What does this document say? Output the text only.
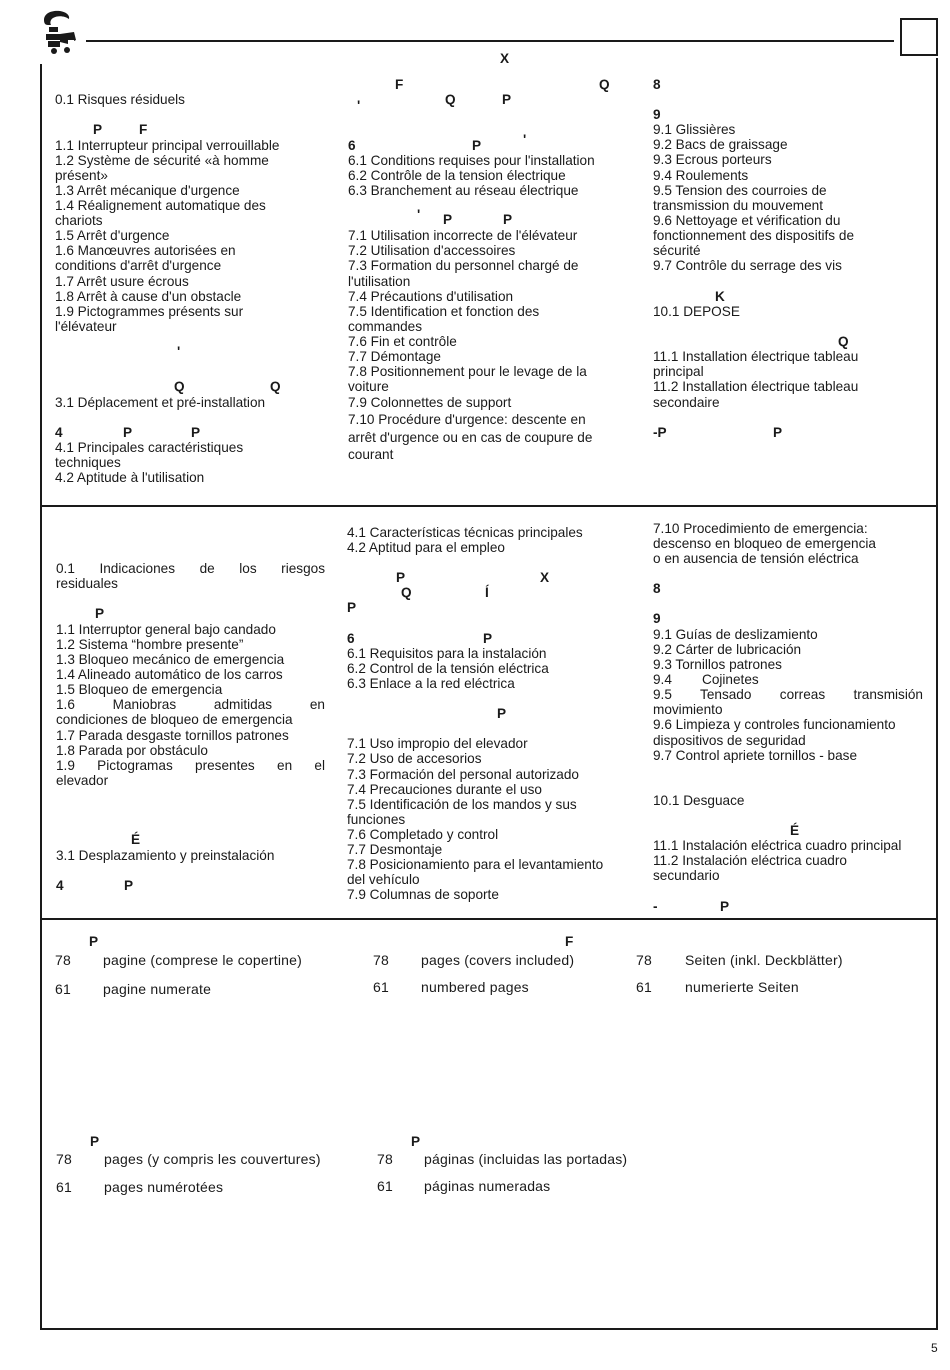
X
0.1 Risques résiduels
P	F
1.1 Interrupteur principal verrouillable
1.2 Système de sécurité «à homme
présent»
1.3 Arrêt mécanique d'urgence
1.4 Réalignement automatique des
chariots
1.5 Arrêt d'urgence
1.6 Manœuvres autorisées en
conditions d'arrêt d'urgence
1.7 Arrêt usure écrous
1.8 Arrêt à cause d'un obstacle
1.9 Pictogrammes présents sur
l'élévateur
'
Q	Q
3.1 Déplacement et pré-installation
4	P	P
4.1 Principales caractéristiques
techniques
4.2 Aptitude à l'utilisation
F	Q
'	Q	P
6	P	'
6.1 Conditions requises pour l'installation
6.2 Contrôle de la tension électrique
6.3 Branchement au réseau électrique
' P	P
7.1 Utilisation incorrecte de l'élévateur
7.2 Utilisation d'accessoires
7.3 Formation du personnel chargé de
l'utilisation
7.4 Précautions d'utilisation
7.5 Identification et fonction des
commandes
7.6 Fin et contrôle
7.7 Démontage
7.8 Positionnement pour le levage de la
voiture
7.9 Colonnettes de support
7.10 Procédure d'urgence: descente en
arrêt d'urgence ou en cas de coupure de
courant
8
9
9.1 Glissières
9.2 Bacs de graissage
9.3 Ecrous porteurs
9.4 Roulements
9.5 Tension des courroies de
transmission du mouvement
9.6 Nettoyage et vérification du
fonctionnement des dispositifs de
sécurité
9.7 Contrôle du serrage des vis
K
10.1 DEPOSE
Q
11.1 Installation électrique tableau
principal
11.2 Installation électrique tableau
secondaire
-P	P
0.1 Indicaciones de los riesgos
residuales
P
1.1 Interruptor general bajo candado
1.2 Sistema “hombre presente”
1.3 Bloqueo mecánico de emergencia
1.4 Alineado automático de los carros
1.5 Bloqueo de emergencia
1.6 Maniobras admitidas en
condiciones de bloqueo de emergencia
1.7 Parada desgaste tornillos patrones
1.8 Parada por obstáculo
1.9 Pictogramas presentes en el
elevador
É
3.1 Desplazamiento y preinstalación
4	P
4.1 Características técnicas principales
4.2 Aptitud para el empleo
P	X
Q	Í
P
6	P
6.1 Requisitos para la instalación
6.2 Control de la tensión eléctrica
6.3 Enlace a la red eléctrica
P
7.1 Uso impropio del elevador
7.2 Uso de accesorios
7.3 Formación del personal autorizado
7.4 Precauciones durante el uso
7.5 Identificación de los mandos y sus
funciones
7.6 Completado y control
7.7 Desmontaje
7.8 Posicionamiento para el levantamiento
del vehículo
7.9 Columnas de soporte
7.10 Procedimiento de emergencia:
descenso en bloqueo de emergencia
o en ausencia de tensión eléctrica
8
9
9.1 Guías de deslizamiento
9.2 Cárter de lubricación
9.3 Tornillos patrones
9.4 Cojinetes
9.5 Tensado correas transmisión
movimiento
9.6 Limpieza y controles funcionamiento
dispositivos de seguridad
9.7 Control apriete tornillos - base
10.1 Desguace
É
11.1 Instalación eléctrica cuadro principal
11.2 Instalación eléctrica cuadro
secundario
-	P
P
78 pagine (comprese le copertine)
61 pagine numerate
F
78 pages (covers included)
61 numbered pages
78 Seiten (inkl. Deckblätter)
61 numerierte Seiten
P
78 pages (y compris les couvertures)
61 pages numérotées
P
78 páginas (incluidas las portadas)
61 páginas numeradas
5
